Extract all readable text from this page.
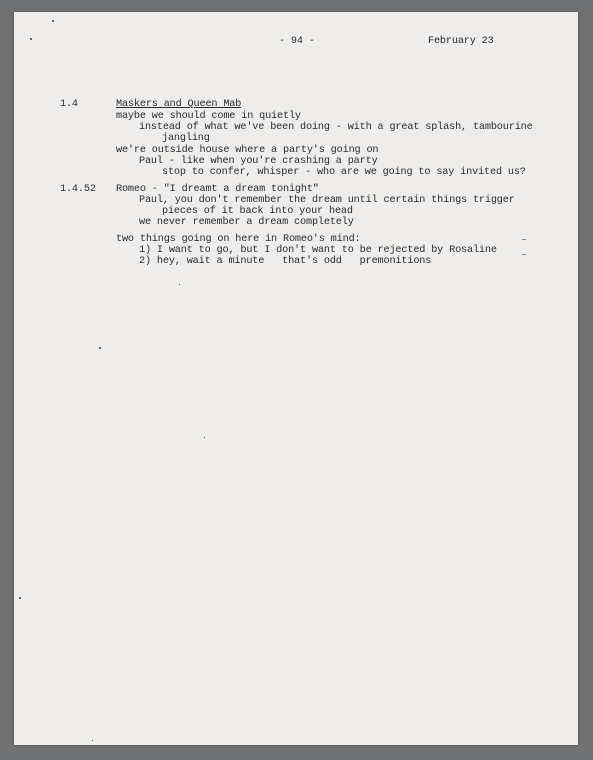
- 94 -	February 23
1.4	Maskers and Queen Mab
maybe we should come in quietly
instead of what we've been doing - with a great splash, tambourine
jangling
we're outside house where a party's going on
Paul - like when you're crashing a party
stop to confer, whisper - who are we going to say invited us?
1.4.52 Romeo - "I dreamt a dream tonight"
Paul, you don't remember the dream until certain things trigger
pieces of it back into your head
we never remember a dream completely
two things going on here in Romeo's mind:
1) I want to go, but I don't want to be rejected by Rosaline
2) hey, wait a minute   that's odd   premonitions
